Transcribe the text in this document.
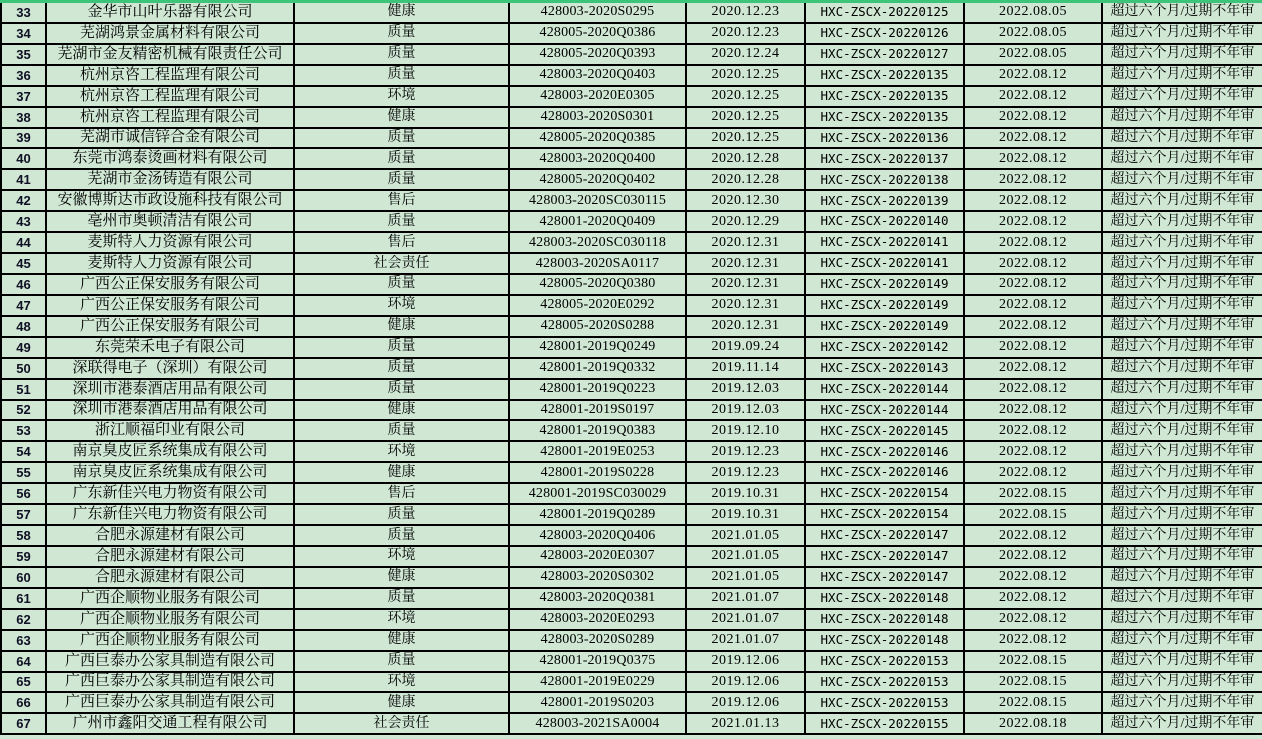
33	金华市山叶乐器有限公司	健康	428003-2020S0295	2020.12.23	HXC-ZSCX-20220125	2022.08.05	超过六个月/过期不年审
34	芜湖鸿景金属材料有限公司	质量	428005-2020Q0386	2020.12.23	HXC-ZSCX-20220126	2022.08.05	超过六个月/过期不年审
35	芜湖市金友精密机械有限责任公司	质量	428005-2020Q0393	2020.12.24	HXC-ZSCX-20220127	2022.08.05	超过六个月/过期不年审
36	杭州京咨工程监理有限公司	质量	428003-2020Q0403	2020.12.25	HXC-ZSCX-20220135	2022.08.12	超过六个月/过期不年审
37	杭州京咨工程监理有限公司	环境	428003-2020E0305	2020.12.25	HXC-ZSCX-20220135	2022.08.12	超过六个月/过期不年审
38	杭州京咨工程监理有限公司	健康	428003-2020S0301	2020.12.25	HXC-ZSCX-20220135	2022.08.12	超过六个月/过期不年审
39	芜湖市诚信锌合金有限公司	质量	428005-2020Q0385	2020.12.25	HXC-ZSCX-20220136	2022.08.12	超过六个月/过期不年审
40	东莞市鸿泰烫画材料有限公司	质量	428003-2020Q0400	2020.12.28	HXC-ZSCX-20220137	2022.08.12	超过六个月/过期不年审
41	芜湖市金汤铸造有限公司	质量	428005-2020Q0402	2020.12.28	HXC-ZSCX-20220138	2022.08.12	超过六个月/过期不年审
42	安徽博斯达市政设施科技有限公司	售后	428003-2020SC030115	2020.12.30	HXC-ZSCX-20220139	2022.08.12	超过六个月/过期不年审
43	亳州市奥顿清洁有限公司	质量	428001-2020Q0409	2020.12.29	HXC-ZSCX-20220140	2022.08.12	超过六个月/过期不年审
44	麦斯特人力资源有限公司	售后	428003-2020SC030118	2020.12.31	HXC-ZSCX-20220141	2022.08.12	超过六个月/过期不年审
45	麦斯特人力资源有限公司	社会责任	428003-2020SA0117	2020.12.31	HXC-ZSCX-20220141	2022.08.12	超过六个月/过期不年审
46	广西公正保安服务有限公司	质量	428005-2020Q0380	2020.12.31	HXC-ZSCX-20220149	2022.08.12	超过六个月/过期不年审
47	广西公正保安服务有限公司	环境	428005-2020E0292	2020.12.31	HXC-ZSCX-20220149	2022.08.12	超过六个月/过期不年审
48	广西公正保安服务有限公司	健康	428005-2020S0288	2020.12.31	HXC-ZSCX-20220149	2022.08.12	超过六个月/过期不年审
49	东莞荣禾电子有限公司	质量	428001-2019Q0249	2019.09.24	HXC-ZSCX-20220142	2022.08.12	超过六个月/过期不年审
50	深联得电子（深圳）有限公司	质量	428001-2019Q0332	2019.11.14	HXC-ZSCX-20220143	2022.08.12	超过六个月/过期不年审
51	深圳市港泰酒店用品有限公司	质量	428001-2019Q0223	2019.12.03	HXC-ZSCX-20220144	2022.08.12	超过六个月/过期不年审
52	深圳市港泰酒店用品有限公司	健康	428001-2019S0197	2019.12.03	HXC-ZSCX-20220144	2022.08.12	超过六个月/过期不年审
53	浙江顺福印业有限公司	质量	428001-2019Q0383	2019.12.10	HXC-ZSCX-20220145	2022.08.12	超过六个月/过期不年审
54	南京臭皮匠系统集成有限公司	环境	428001-2019E0253	2019.12.23	HXC-ZSCX-20220146	2022.08.12	超过六个月/过期不年审
55	南京臭皮匠系统集成有限公司	健康	428001-2019S0228	2019.12.23	HXC-ZSCX-20220146	2022.08.12	超过六个月/过期不年审
56	广东新佳兴电力物资有限公司	售后	428001-2019SC030029	2019.10.31	HXC-ZSCX-20220154	2022.08.15	超过六个月/过期不年审
57	广东新佳兴电力物资有限公司	质量	428001-2019Q0289	2019.10.31	HXC-ZSCX-20220154	2022.08.15	超过六个月/过期不年审
58	合肥永源建材有限公司	质量	428003-2020Q0406	2021.01.05	HXC-ZSCX-20220147	2022.08.12	超过六个月/过期不年审
59	合肥永源建材有限公司	环境	428003-2020E0307	2021.01.05	HXC-ZSCX-20220147	2022.08.12	超过六个月/过期不年审
60	合肥永源建材有限公司	健康	428003-2020S0302	2021.01.05	HXC-ZSCX-20220147	2022.08.12	超过六个月/过期不年审
61	广西企顺物业服务有限公司	质量	428003-2020Q0381	2021.01.07	HXC-ZSCX-20220148	2022.08.12	超过六个月/过期不年审
62	广西企顺物业服务有限公司	环境	428003-2020E0293	2021.01.07	HXC-ZSCX-20220148	2022.08.12	超过六个月/过期不年审
63	广西企顺物业服务有限公司	健康	428003-2020S0289	2021.01.07	HXC-ZSCX-20220148	2022.08.12	超过六个月/过期不年审
64	广西巨泰办公家具制造有限公司	质量	428001-2019Q0375	2019.12.06	HXC-ZSCX-20220153	2022.08.15	超过六个月/过期不年审
65	广西巨泰办公家具制造有限公司	环境	428001-2019E0229	2019.12.06	HXC-ZSCX-20220153	2022.08.15	超过六个月/过期不年审
66	广西巨泰办公家具制造有限公司	健康	428001-2019S0203	2019.12.06	HXC-ZSCX-20220153	2022.08.15	超过六个月/过期不年审
67	广州市鑫阳交通工程有限公司	社会责任	428003-2021SA0004	2021.01.13	HXC-ZSCX-20220155	2022.08.18	超过六个月/过期不年审
